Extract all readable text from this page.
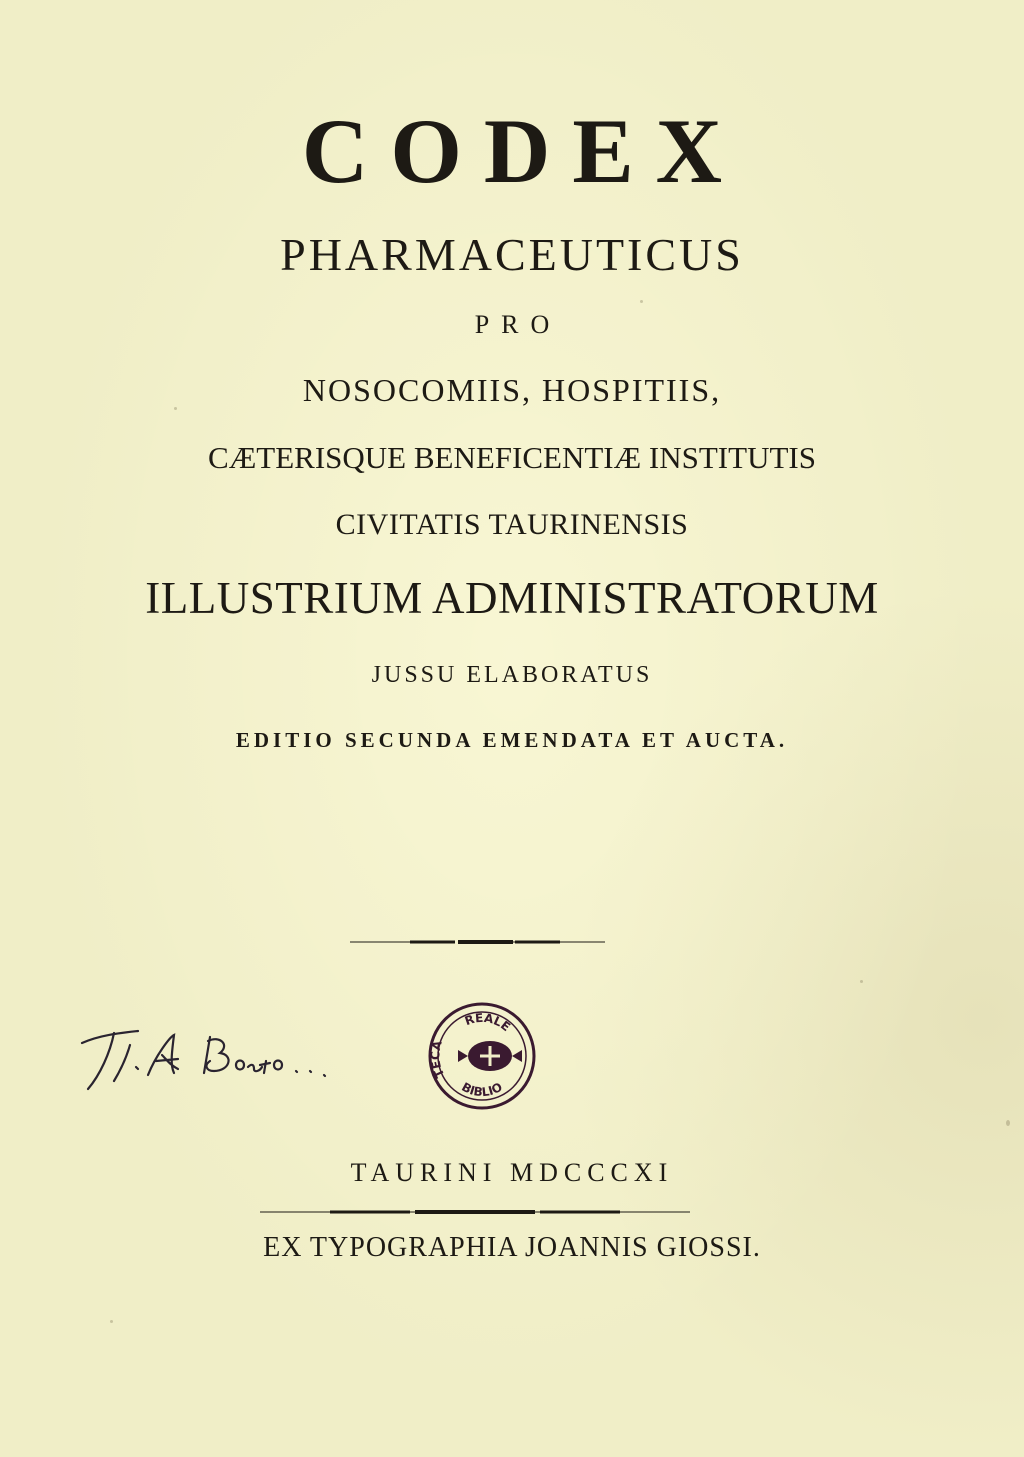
CODEX
PHARMACEUTICUS
PRO
NOSOCOMIIS, HOSPITIIS,
CÆTERISQUE BENEFICENTIÆ INSTITUTIS
CIVITATIS TAURINENSIS
ILLUSTRIUM ADMINISTRATORUM
JUSSU ELABORATUS
EDITIO SECUNDA EMENDATA ET AUCTA.
REALE
TECA
BIBLIO
TAURINI MDCCCXI
EX TYPOGRAPHIA JOANNIS GIOSSI.
